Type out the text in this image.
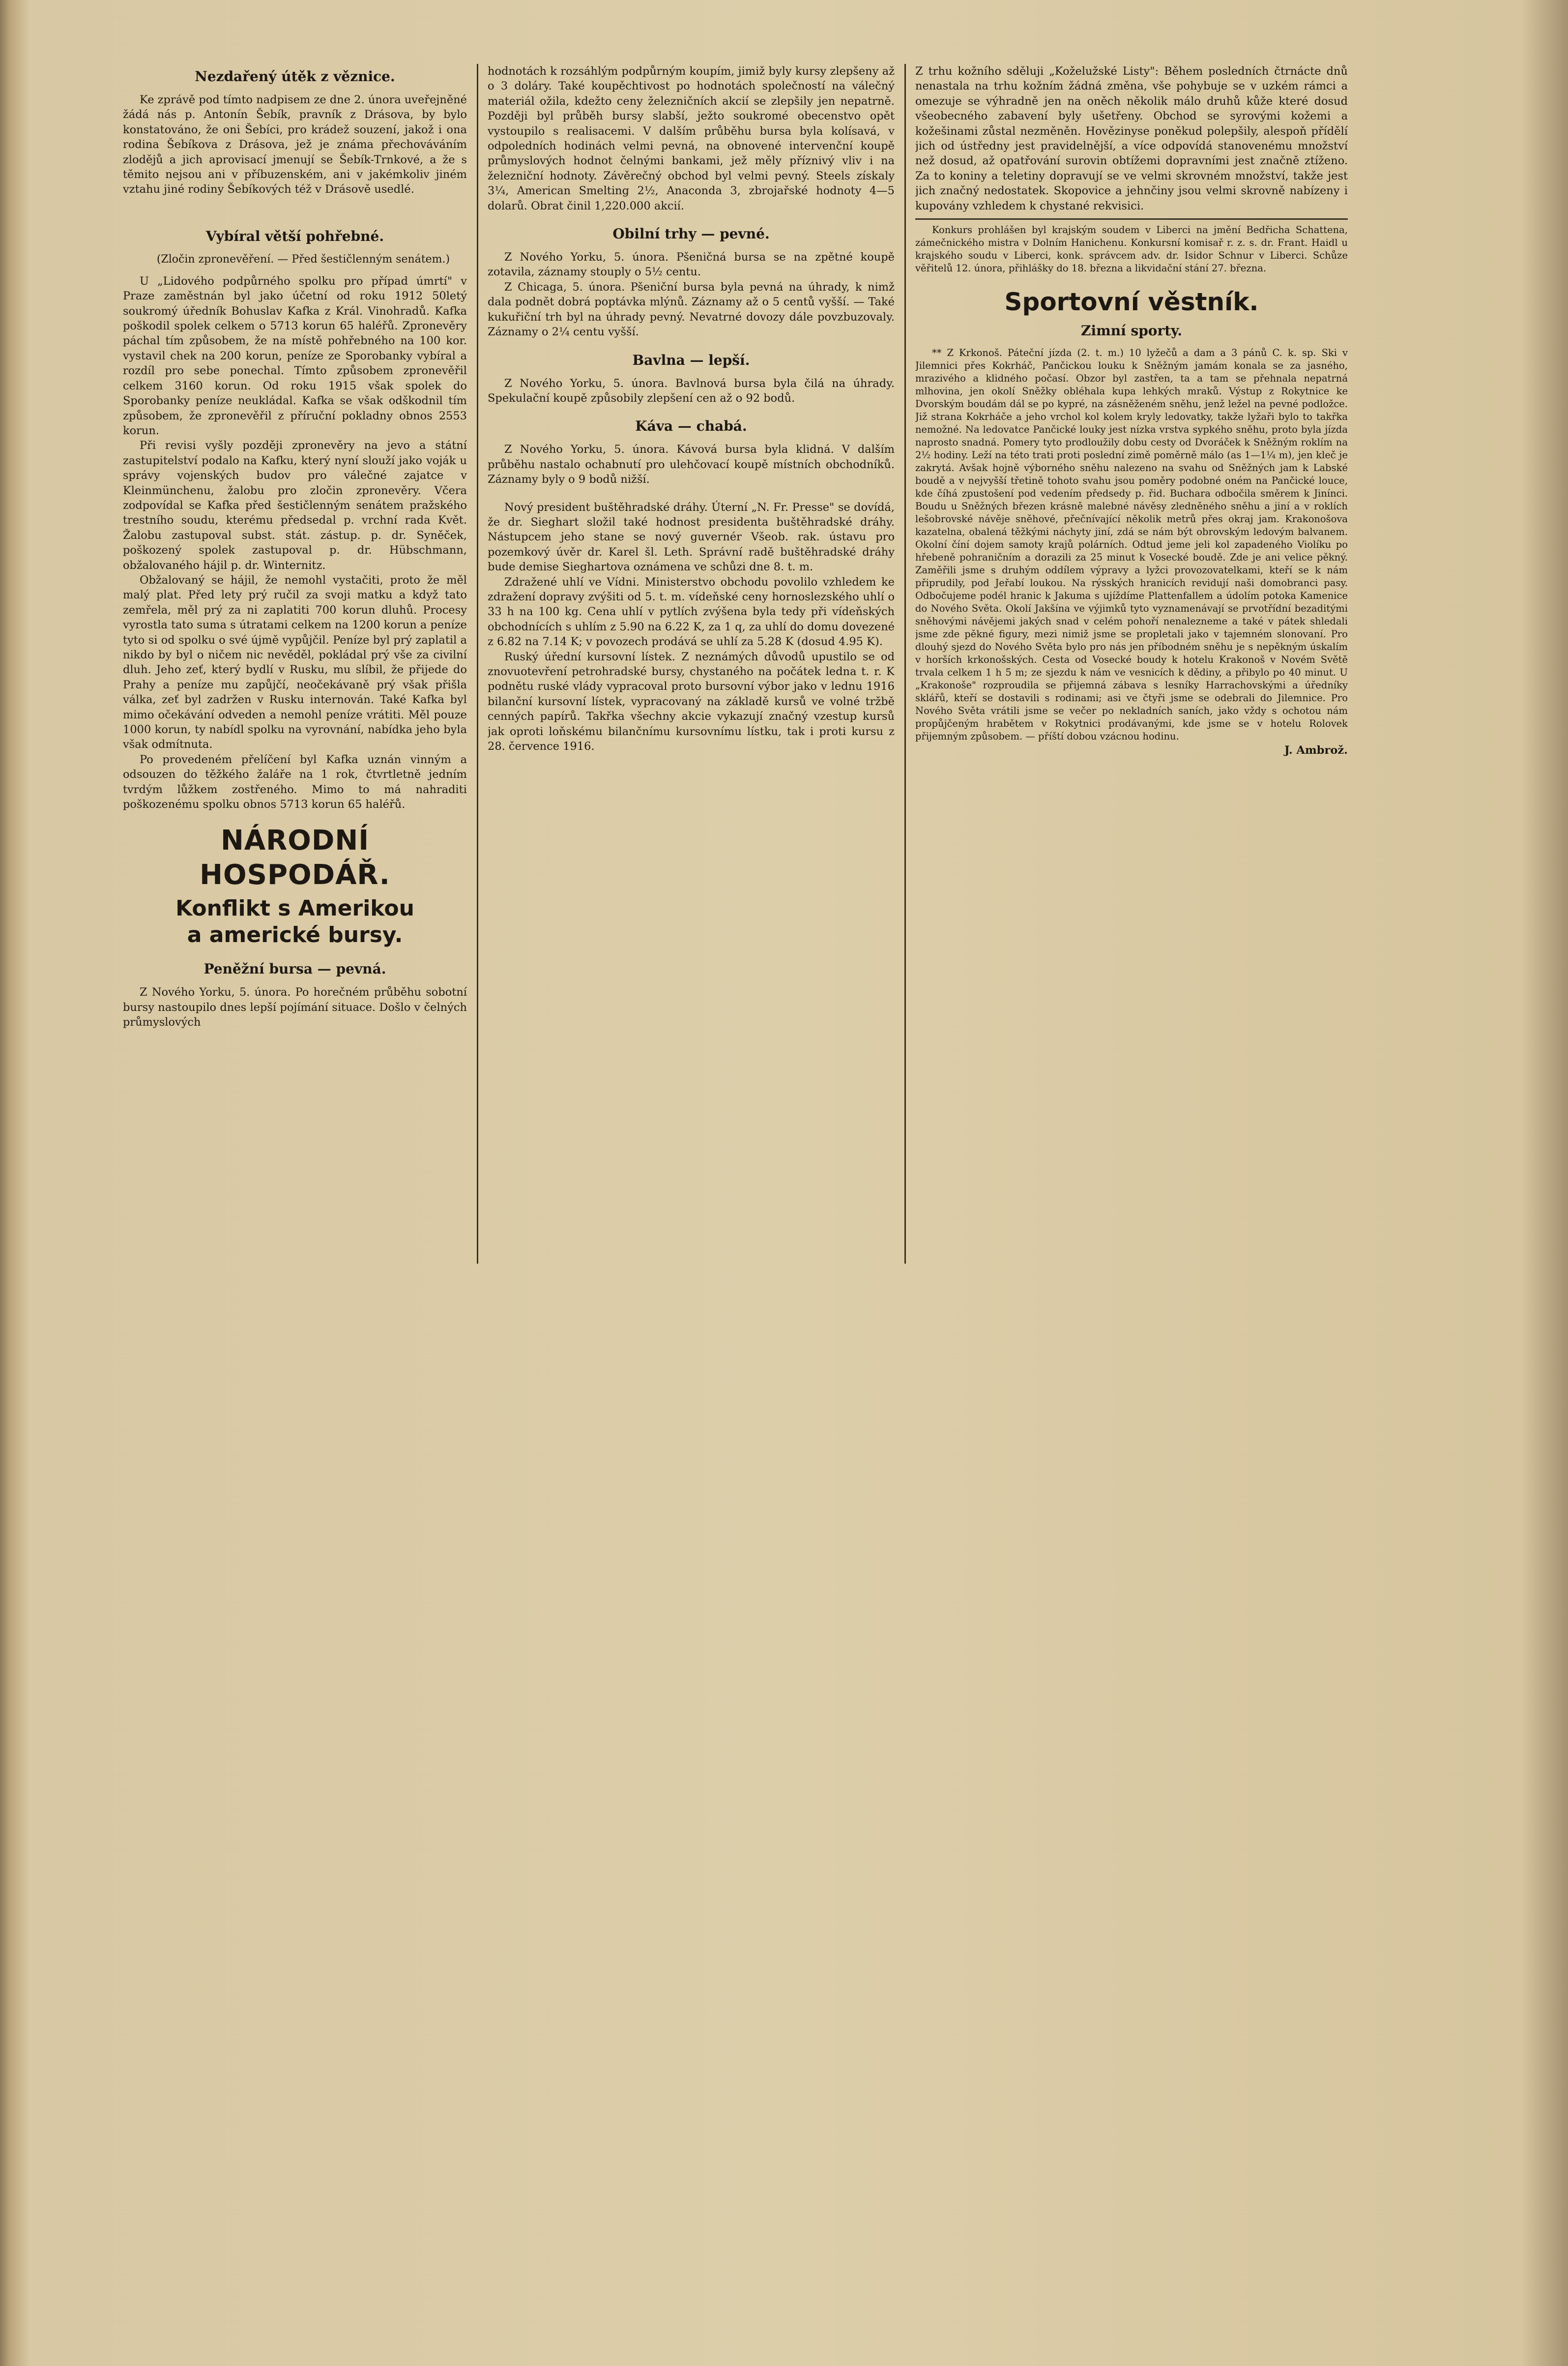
Nezdařený útěk z věznice.

Ke zprávě pod tímto nadpisem ze dne 2. února uveřejněné žádá nás p. Antonín Šebík, pravník z Drásova, by bylo konstatováno, že oni Šebíci, pro krádež souzení, jakož i ona rodina Šebíkova z Drásova, jež je známa přechováváním zlodějů a jich aprovisací jmenují se Šebík-Trnkové, a že s těmito nejsou ani v příbuzenském, ani v jakémkoliv jiném vztahu jiné rodiny Šebíkových též v Drásově usedlé.

Vybíral větší pohřebné.

(Zločin zpronevěření. — Před šestičlenným senátem.)

U „Lidového podpůrného spolku pro případ úmrtí" v Praze zaměstnán byl jako účetní od roku 1912 50letý soukromý úředník Bohuslav Kafka z Král. Vinohradů. Kafka poškodil spolek celkem o 5713 korun 65 haléřů. Zpronevěry páchal tím způsobem, že na místě pohřebného na 100 kor. vystavil chek na 200 korun, peníze ze Sporobanky vybíral a rozdíl pro sebe ponechal. Tímto způsobem zpronevěřil celkem 3160 korun. Od roku 1915 však spolek do Sporobanky peníze neukládal. Kafka se však odškodnil tím způsobem, že zpronevěřil z příruční pokladny obnos 2553 korun.

Při revisi vyšly později zpronevěry na jevo a státní zastupitelství podalo na Kafku, který nyní slouží jako voják u správy vojenských budov pro válečné zajatce v Kleinmünchenu, žalobu pro zločin zpronevěry. Včera zodpovídal se Kafka před šestičlenným senátem pražského trestního soudu, kterému předsedal p. vrchní rada Květ. Žalobu zastupoval subst. stát. zástup. p. dr. Syněček, poškozený spolek zastupoval p. dr. Hübschmann, obžalovaného hájil p. dr. Winternitz.

Obžalovaný se hájil, že nemohl vystačiti, proto že měl malý plat. Před lety prý ručil za svoji matku a když tato zemřela, měl prý za ni zaplatiti 700 korun dluhů. Procesy vyrostla tato suma s útratami celkem na 1200 korun a peníze tyto si od spolku o své újmě vypůjčil. Peníze byl prý zaplatil a nikdo by byl o ničem nic nevěděl, pokládal prý vše za civilní dluh. Jeho zeť, který bydlí v Rusku, mu slíbil, že přijede do Prahy a peníze mu zapůjčí, neočekávaně prý však přišla válka, zeť byl zadržen v Rusku internován. Také Kafka byl mimo očekávání odveden a nemohl peníze vrátiti. Měl pouze 1000 korun, ty nabídl spolku na vyrovnání, nabídka jeho byla však odmítnuta.

Po provedeném přelíčení byl Kafka uznán vinným a odsouzen do těžkého žaláře na 1 rok, čtvrtletně jedním tvrdým lůžkem zostřeného. Mimo to má nahraditi poškozenému spolku obnos 5713 korun 65 haléřů.

NÁRODNÍ HOSPODÁŘ.
Konflikt s Amerikou
a americké bursy.
Peněžní bursa — pevná.

Z Nového Yorku, 5. února. Po horečném průběhu sobotní bursy nastoupilo dnes lepší pojímání situace. Došlo v čelných průmyslových

hodnotách k rozsáhlým podpůrným koupím, jimiž byly kursy zlepšeny až o 3 doláry. Také koupěchtivost po hodnotách společností na válečný materiál ožila, kdežto ceny železničních akcií se zlepšily jen nepatrně. Později byl průběh bursy slabší, ježto soukromé obecenstvo opět vystoupilo s realisacemi. V dalším průběhu bursa byla kolísavá, v odpoledních hodinách velmi pevná, na obnovené intervenční koupě průmyslových hodnot čelnými bankami, jež měly příznivý vliv i na železniční hodnoty. Závěrečný obchod byl velmi pevný. Steels získaly 3¼, American Smelting 2½, Anaconda 3, zbrojařské hodnoty 4—5 dolarů. Obrat činil 1,220.000 akcií.

Obilní trhy — pevné.

Z Nového Yorku, 5. února. Pšeničná bursa se na zpětné koupě zotavila, záznamy stouply o 5½ centu.

Z Chicaga, 5. února. Pšeniční bursa byla pevná na úhrady, k nimž dala podnět dobrá poptávka mlýnů. Záznamy až o 5 centů vyšší. — Také kukuřiční trh byl na úhrady pevný. Nevatrné dovozy dále povzbuzovaly. Záznamy o 2¼ centu vyšší.

Bavlna — lepší.

Z Nového Yorku, 5. února. Bavlnová bursa byla čilá na úhrady. Spekulační koupě způsobily zlepšení cen až o 92 bodů.

Káva — chabá.

Z Nového Yorku, 5. února. Kávová bursa byla klidná. V dalším průběhu nastalo ochabnutí pro ulehčovací koupě místních obchodníků. Záznamy byly o 9 bodů nižší.

Nový president buštěhradské dráhy. Úterní „N. Fr. Presse" se dovídá, že dr. Sieghart složil také hodnost presidenta buštěhradské dráhy. Nástupcem jeho stane se nový guvernér Všeob. rak. ústavu pro pozemkový úvěr dr. Karel šl. Leth. Správní radě buštěhradské dráhy bude demise Sieghartova oznámena ve schůzi dne 8. t. m.

Zdražené uhlí ve Vídni. Ministerstvo obchodu povolilo vzhledem ke zdražení dopravy zvýšiti od 5. t. m. vídeňské ceny hornoslezského uhlí o 33 h na 100 kg. Cena uhlí v pytlích zvýšena byla tedy při vídeňských obchodnících s uhlím z 5.90 na 6.22 K, za 1 q, za uhlí do domu dovezené z 6.82 na 7.14 K; v povozech prodává se uhlí za 5.28 K (dosud 4.95 K).

Ruský úřední kursovní lístek. Z neznámých důvodů upustilo se od znovuotevření petrohradské bursy, chystaného na počátek ledna t. r. K podnětu ruské vlády vypracoval proto bursovní výbor jako v lednu 1916 bilanční kursovní lístek, vypracovaný na základě kursů ve volné tržbě cenných papírů. Takřka všechny akcie vykazují značný vzestup kursů jak oproti loňskému bilančnímu kursovnímu lístku, tak i proti kursu z 28. července 1916.

Z trhu kožního sděluji „Koželužské Listy": Během posledních čtrnácte dnů nenastala na trhu kožním žádná změna, vše pohybuje se v uzkém rámci a omezuje se výhradně jen na oněch několik málo druhů kůže které dosud všeobecného zabavení byly ušetřeny. Obchod se syrovými kožemi a kožešinami zůstal nezměněn. Hovězinyse poněkud polepšily, alespoň přídělí jich od ústředny jest pravidelnější, a více odpovídá stanovenému množství než dosud, až opatřování surovin obtížemi dopravními jest značně ztíženo. Za to koniny a teletiny dopravují se ve velmi skrovném množství, takže jest jich značný nedostatek. Skopovice a jehnčiny jsou velmi skrovně nabízeny i kupovány vzhledem k chystané rekvisici.

Konkurs prohlášen byl krajským soudem v Liberci na jmění Bedřicha Schattena, zámečnického mistra v Dolním Hanichenu. Konkursní komisař r. z. s. dr. Frant. Haidl u krajského soudu v Liberci, konk. správcem adv. dr. Isidor Schnur v Liberci. Schůze věřitelů 12. února, přihlášky do 18. března a likvidační stání 27. března.

Sportovní věstník.
Zimní sporty.

** Z Krkonoš. Páteční jízda (2. t. m.) 10 lyžečů a dam a 3 pánů C. k. sp. Ski v Jilemnici přes Kokrháč, Pančickou louku k Sněžným jamám konala se za jasného, mrazivého a klidného počasí. Obzor byl zastřen, ta a tam se přehnala nepatrná mlhovina, jen okolí Sněžky obléhala kupa lehkých mraků. Výstup z Rokytnice ke Dvorským boudám dál se po kypré, na zásněženém sněhu, jenž ležel na pevné podložce. Již strana Kokrháče a jeho vrchol kol kolem kryly ledovatky, takže lyžaři bylo to takřka nemožné. Na ledovatce Pančické louky jest nízka vrstva sypkého sněhu, proto byla jízda naprosto snadná. Pomery tyto prodloužily dobu cesty od Dvoráček k Sněžným roklím na 2½ hodiny. Leží na této trati proti poslední zimě poměrně málo (as 1—1¼ m), jen kleč je zakrytá. Avšak hojně výborného sněhu nalezeno na svahu od Sněžných jam k Labské boudě a v nejvyšší třetině tohoto svahu jsou poměry podobné oném na Pančické louce, kde číhá zpustošení pod vedením předsedy p. řid. Buchara odbočila směrem k Jinínci. Boudu u Sněžných březen krásně malebné návěsy zledněného sněhu a jiní a v roklích lešobrovské návěje sněhové, přečnívající několik metrů přes okraj jam. Krakonošova kazatelna, obalená těžkými náchyty jiní, zdá se nám být obrovským ledovým balvanem. Okolní číní dojem samoty krajů polárních. Odtud jeme jeli kol zapadeného Violíku po hřebeně pohraničním a dorazili za 25 minut k Vosecké boudě. Zde je ani velice pěkný. Zaměřili jsme s druhým oddílem výpravy a lyžci provozovatelkami, kteří se k nám připrudily, pod Jeřabí loukou. Na rýsských hranicích revidují naši domobranci pasy. Odbočujeme podél hranic k Jakuma s ujíždíme Plattenfallem a údolím potoka Kamenice do Nového Světa. Okolí Jakšína ve výjimků tyto vyznamenávají se prvotřídní bezaditými sněhovými návějemi jakých snad v celém pohoří nenalezneme a také v pátek shledali jsme zde pěkné figury, mezi nimiž jsme se propletali jako v tajemném slonovaní. Pro dlouhý sjezd do Nového Světa bylo pro nás jen příbodném sněhu je s nepěkným úskalím v horších krkonošských. Cesta od Vosecké boudy k hotelu Krakonoš v Novém Světě trvala celkem 1 h 5 m; ze sjezdu k nám ve vesnicích k dědiny, a přibylo po 40 minut. U „Krakonoše" rozproudila se přijemná zábava s lesníky Harrachovskými a úředníky sklářů, kteří se dostavili s rodinami; asi ve čtyři jsme se odebrali do Jilemnice. Pro Nového Světa vrátili jsme se večer po nekladních saních, jako vždy s ochotou nám propůjčeným hrabětem v Rokytnici prodávanými, kde jsme se v hotelu Rolovek přijemným způsobem. — příští dobou vzácnou hodinu.

J. Ambrož.
